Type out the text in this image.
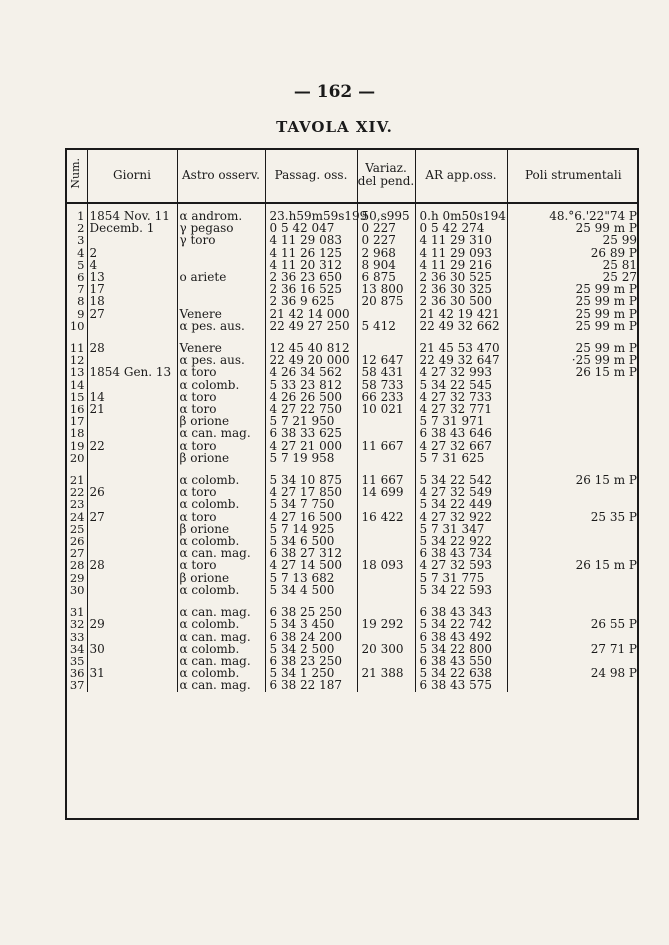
— 162 —
TAVOLA XIV.
Num.	Giorni	Astro osserv.	Passag. oss.	Variaz. del pend.	AR app.oss.	Poli strumentali

1	1854 Nov. 11	α androm.	23.h59m59s199	50,s995	0.h 0m50s194	48.°6.'22"74 P
2	Decemb. 1	γ pegaso	0 5 42 047	0 227	0 5 42 274	25 99 m P
3		γ toro	4 11 29 083	0 227	4 11 29 310	25 99
4	2		4 11 26 125	2 968	4 11 29 093	26 89 P
5	4		4 11 20 312	8 904	4 11 29 216	25 81
6	13	ο ariete	2 36 23 650	6 875	2 36 30 525	25 27
7	17		2 36 16 525	13 800	2 36 30 325	25 99 m P
8	18		2 36 9 625	20 875	2 36 30 500	25 99 m P
9	27	Venere	21 42 14 000		21 42 19 421	25 99 m P
10		α pes. aus.	22 49 27 250	5 412	22 49 32 662	25 99 m P

11	28	Venere	12 45 40 812		21 45 53 470	25 99 m P
12		α pes. aus.	22 49 20 000	12 647	22 49 32 647	·25 99 m P
13	1854 Gen. 13	α toro	4 26 34 562	58 431	4 27 32 993	26 15 m P
14		α colomb.	5 33 23 812	58 733	5 34 22 545	
15	14	α toro	4 26 26 500	66 233	4 27 32 733	
16	21	α toro	4 27 22 750	10 021	4 27 32 771	
17		β orione	5 7 21 950		5 7 31 971	
18		α can. mag.	6 38 33 625		6 38 43 646	
19	22	α toro	4 27 21 000	11 667	4 27 32 667	
20		β orione	5 7 19 958		5 7 31 625	

21		α colomb.	5 34 10 875	11 667	5 34 22 542	26 15 m P
22	26	α toro	4 27 17 850	14 699	4 27 32 549	
23		α colomb.	5 34 7 750		5 34 22 449	
24	27	α toro	4 27 16 500	16 422	4 27 32 922	25 35 P
25		β orione	5 7 14 925		5 7 31 347	
26		α colomb.	5 34 6 500		5 34 22 922	
27		α can. mag.	6 38 27 312		6 38 43 734	
28	28	α toro	4 27 14 500	18 093	4 27 32 593	26 15 m P
29		β orione	5 7 13 682		5 7 31 775	
30		α colomb.	5 34 4 500		5 34 22 593	

31		α can. mag.	6 38 25 250		6 38 43 343	
32	29	α colomb.	5 34 3 450	19 292	5 34 22 742	26 55 P
33		α can. mag.	6 38 24 200		6 38 43 492	
34	30	α colomb.	5 34 2 500	20 300	5 34 22 800	27 71 P
35		α can. mag.	6 38 23 250		6 38 43 550	
36	31	α colomb.	5 34 1 250	21 388	5 34 22 638	24 98 P
37		α can. mag.	6 38 22 187		6 38 43 575	
